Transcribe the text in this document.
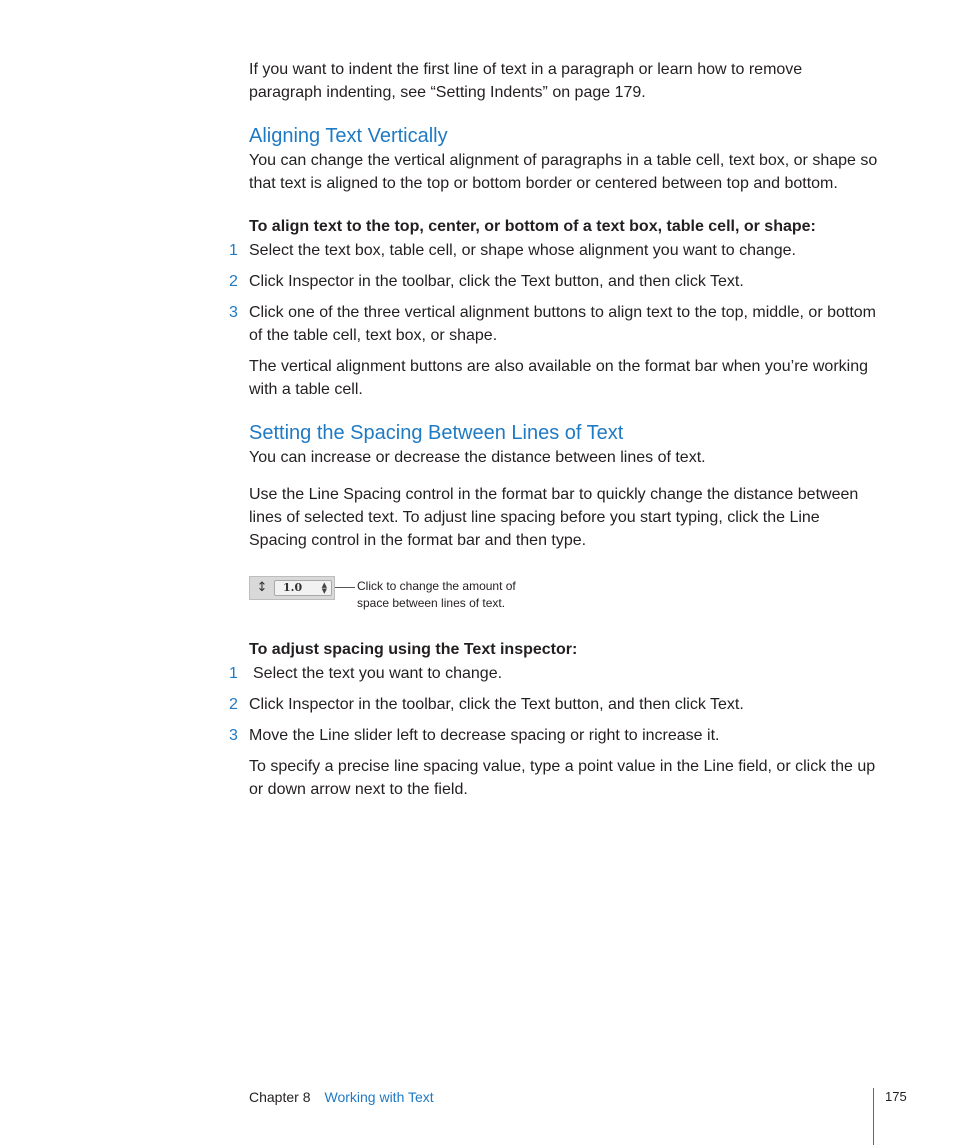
If you want to indent the first line of text in a paragraph or learn how to remove paragraph indenting, see “Setting Indents” on page 179.

Aligning Text Vertically

You can change the vertical alignment of paragraphs in a table cell, text box, or shape so that text is aligned to the top or bottom border or centered between top and bottom.

To align text to the top, center, or bottom of a text box, table cell, or shape:

1 Select the text box, table cell, or shape whose alignment you want to change.
2 Click Inspector in the toolbar, click the Text button, and then click Text.
3 Click one of the three vertical alignment buttons to align text to the top, middle, or bottom of the table cell, text box, or shape.

The vertical alignment buttons are also available on the format bar when you’re working with a table cell.

Setting the Spacing Between Lines of Text

You can increase or decrease the distance between lines of text.

Use the Line Spacing control in the format bar to quickly change the distance between lines of selected text. To adjust line spacing before you start typing, click the Line Spacing control in the format bar and then type.

↕	1.0	▲
▼	Click to change the amount of space between lines of text.

To adjust spacing using the Text inspector:

1 Select the text you want to change.
2 Click Inspector in the toolbar, click the Text button, and then click Text.
3 Move the Line slider left to decrease spacing or right to increase it.

To specify a precise line spacing value, type a point value in the Line field, or click the up or down arrow next to the field.

Chapter 8 Working with Text	175
